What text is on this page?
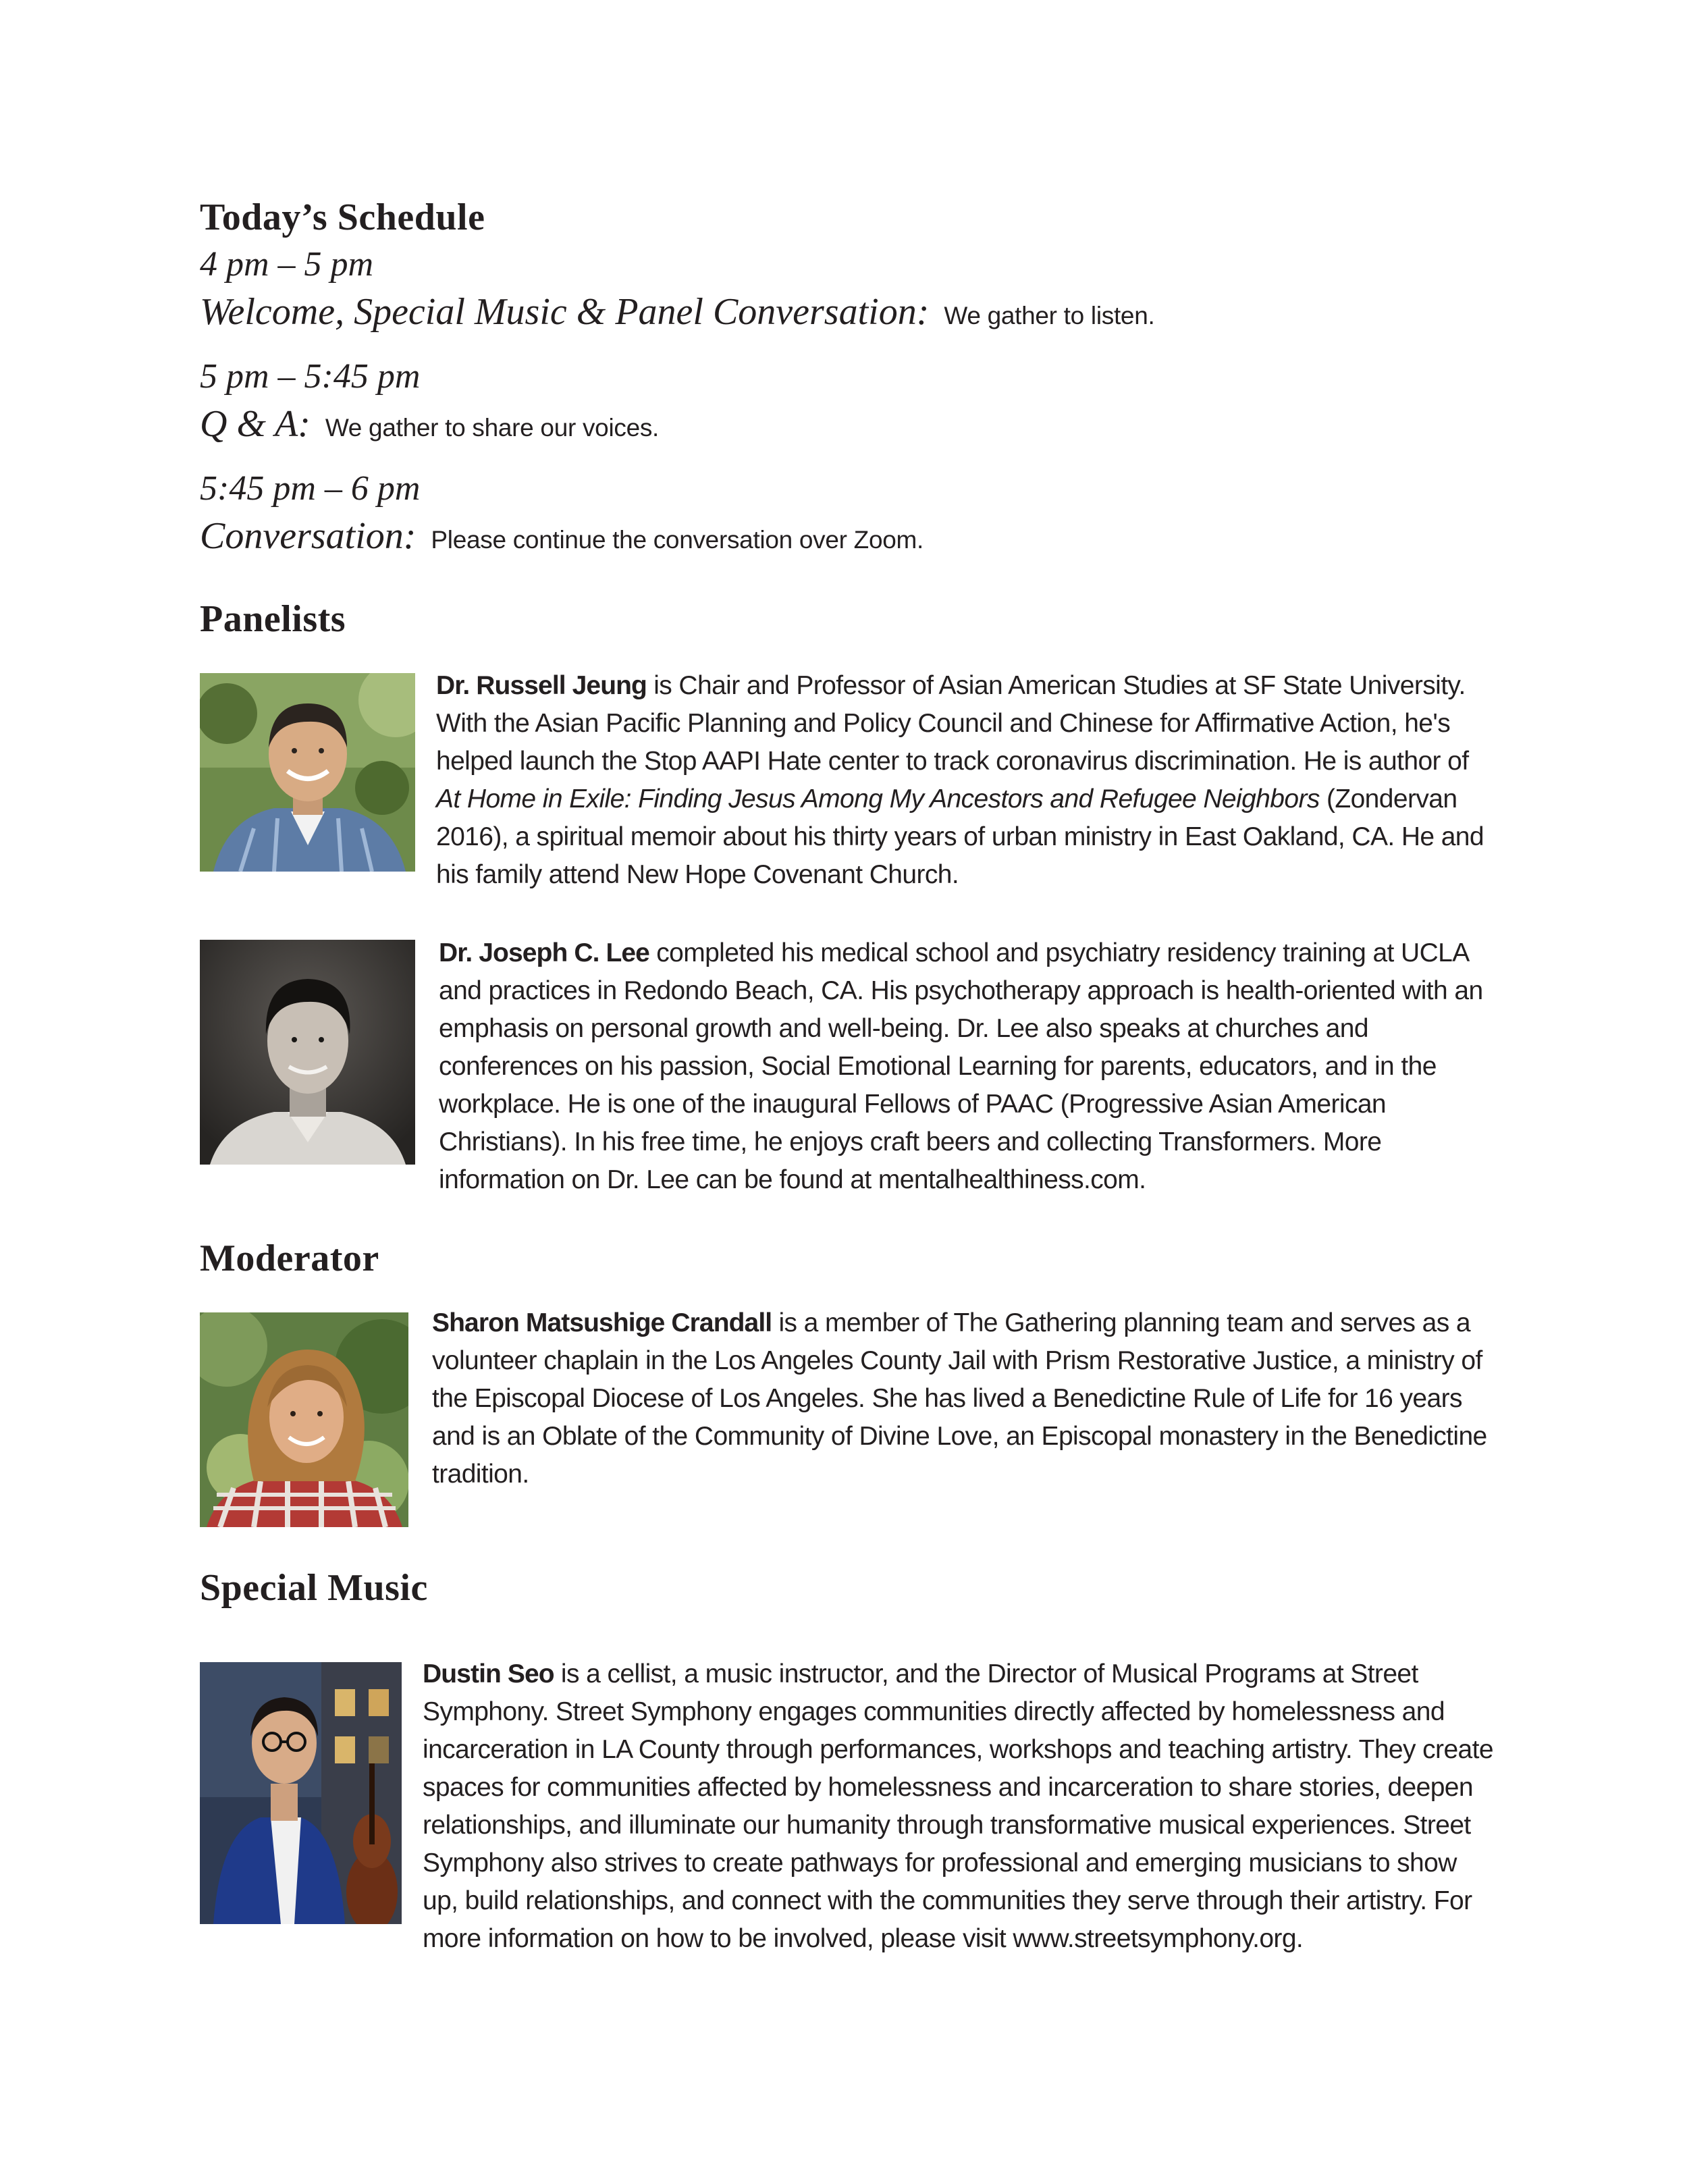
Today’s Schedule
4 pm – 5 pm
Welcome, Special Music & Panel Conversation: We gather to listen.
5 pm – 5:45 pm
Q & A: We gather to share our voices.
5:45 pm – 6 pm
Conversation: Please continue the conversation over Zoom.
Panelists
Dr. Russell Jeung is Chair and Professor of Asian American Studies at SF State University. With the Asian Pacific Planning and Policy Council and Chinese for Affirmative Action, he's helped launch the Stop AAPI Hate center to track coronavirus discrimination. He is author of At Home in Exile: Finding Jesus Among My Ancestors and Refugee Neighbors (Zondervan 2016), a spiritual memoir about his thirty years of urban ministry in East Oakland, CA. He and his family attend New Hope Covenant Church.
Dr. Joseph C. Lee completed his medical school and psychiatry residency training at UCLA and practices in Redondo Beach, CA. His psychotherapy approach is health-oriented with an emphasis on personal growth and well-being. Dr. Lee also speaks at churches and conferences on his passion, Social Emotional Learning for parents, educators, and in the workplace. He is one of the inaugural Fellows of PAAC (Progressive Asian American Christians). In his free time, he enjoys craft beers and collecting Transformers. More information on Dr. Lee can be found at mentalhealthiness.com.
Moderator
Sharon Matsushige Crandall is a member of The Gathering planning team and serves as a volunteer chaplain in the Los Angeles County Jail with Prism Restorative Justice, a ministry of the Episcopal Diocese of Los Angeles. She has lived a Benedictine Rule of Life for 16 years and is an Oblate of the Community of Divine Love, an Episcopal monastery in the Benedictine tradition.
Special Music
Dustin Seo is a cellist, a music instructor, and the Director of Musical Programs at Street Symphony. Street Symphony engages communities directly affected by homelessness and incarceration in LA County through performances, workshops and teaching artistry. They create spaces for communities affected by homelessness and incarceration to share stories, deepen relationships, and illuminate our humanity through transformative musical experiences. Street Symphony also strives to create pathways for professional and emerging musicians to show up, build relationships, and connect with the communities they serve through their artistry. For more information on how to be involved, please visit www.streetsymphony.org.
